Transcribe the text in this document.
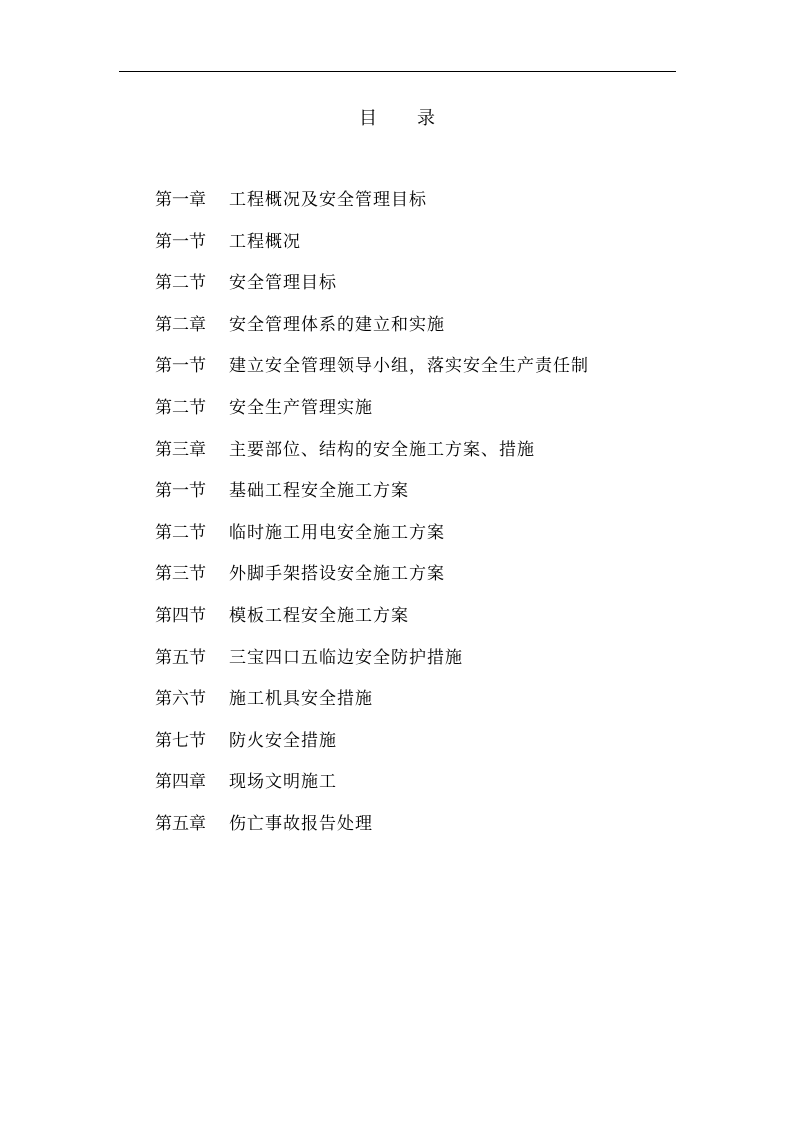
目 录
第一章 工程概况及安全管理目标
第一节 工程概况
第二节 安全管理目标
第二章 安全管理体系的建立和实施
第一节 建立安全管理领导小组，落实安全生产责任制
第二节 安全生产管理实施
第三章 主要部位、结构的安全施工方案、措施
第一节 基础工程安全施工方案
第二节 临时施工用电安全施工方案
第三节 外脚手架搭设安全施工方案
第四节 模板工程安全施工方案
第五节 三宝四口五临边安全防护措施
第六节 施工机具安全措施
第七节 防火安全措施
第四章 现场文明施工
第五章 伤亡事故报告处理
